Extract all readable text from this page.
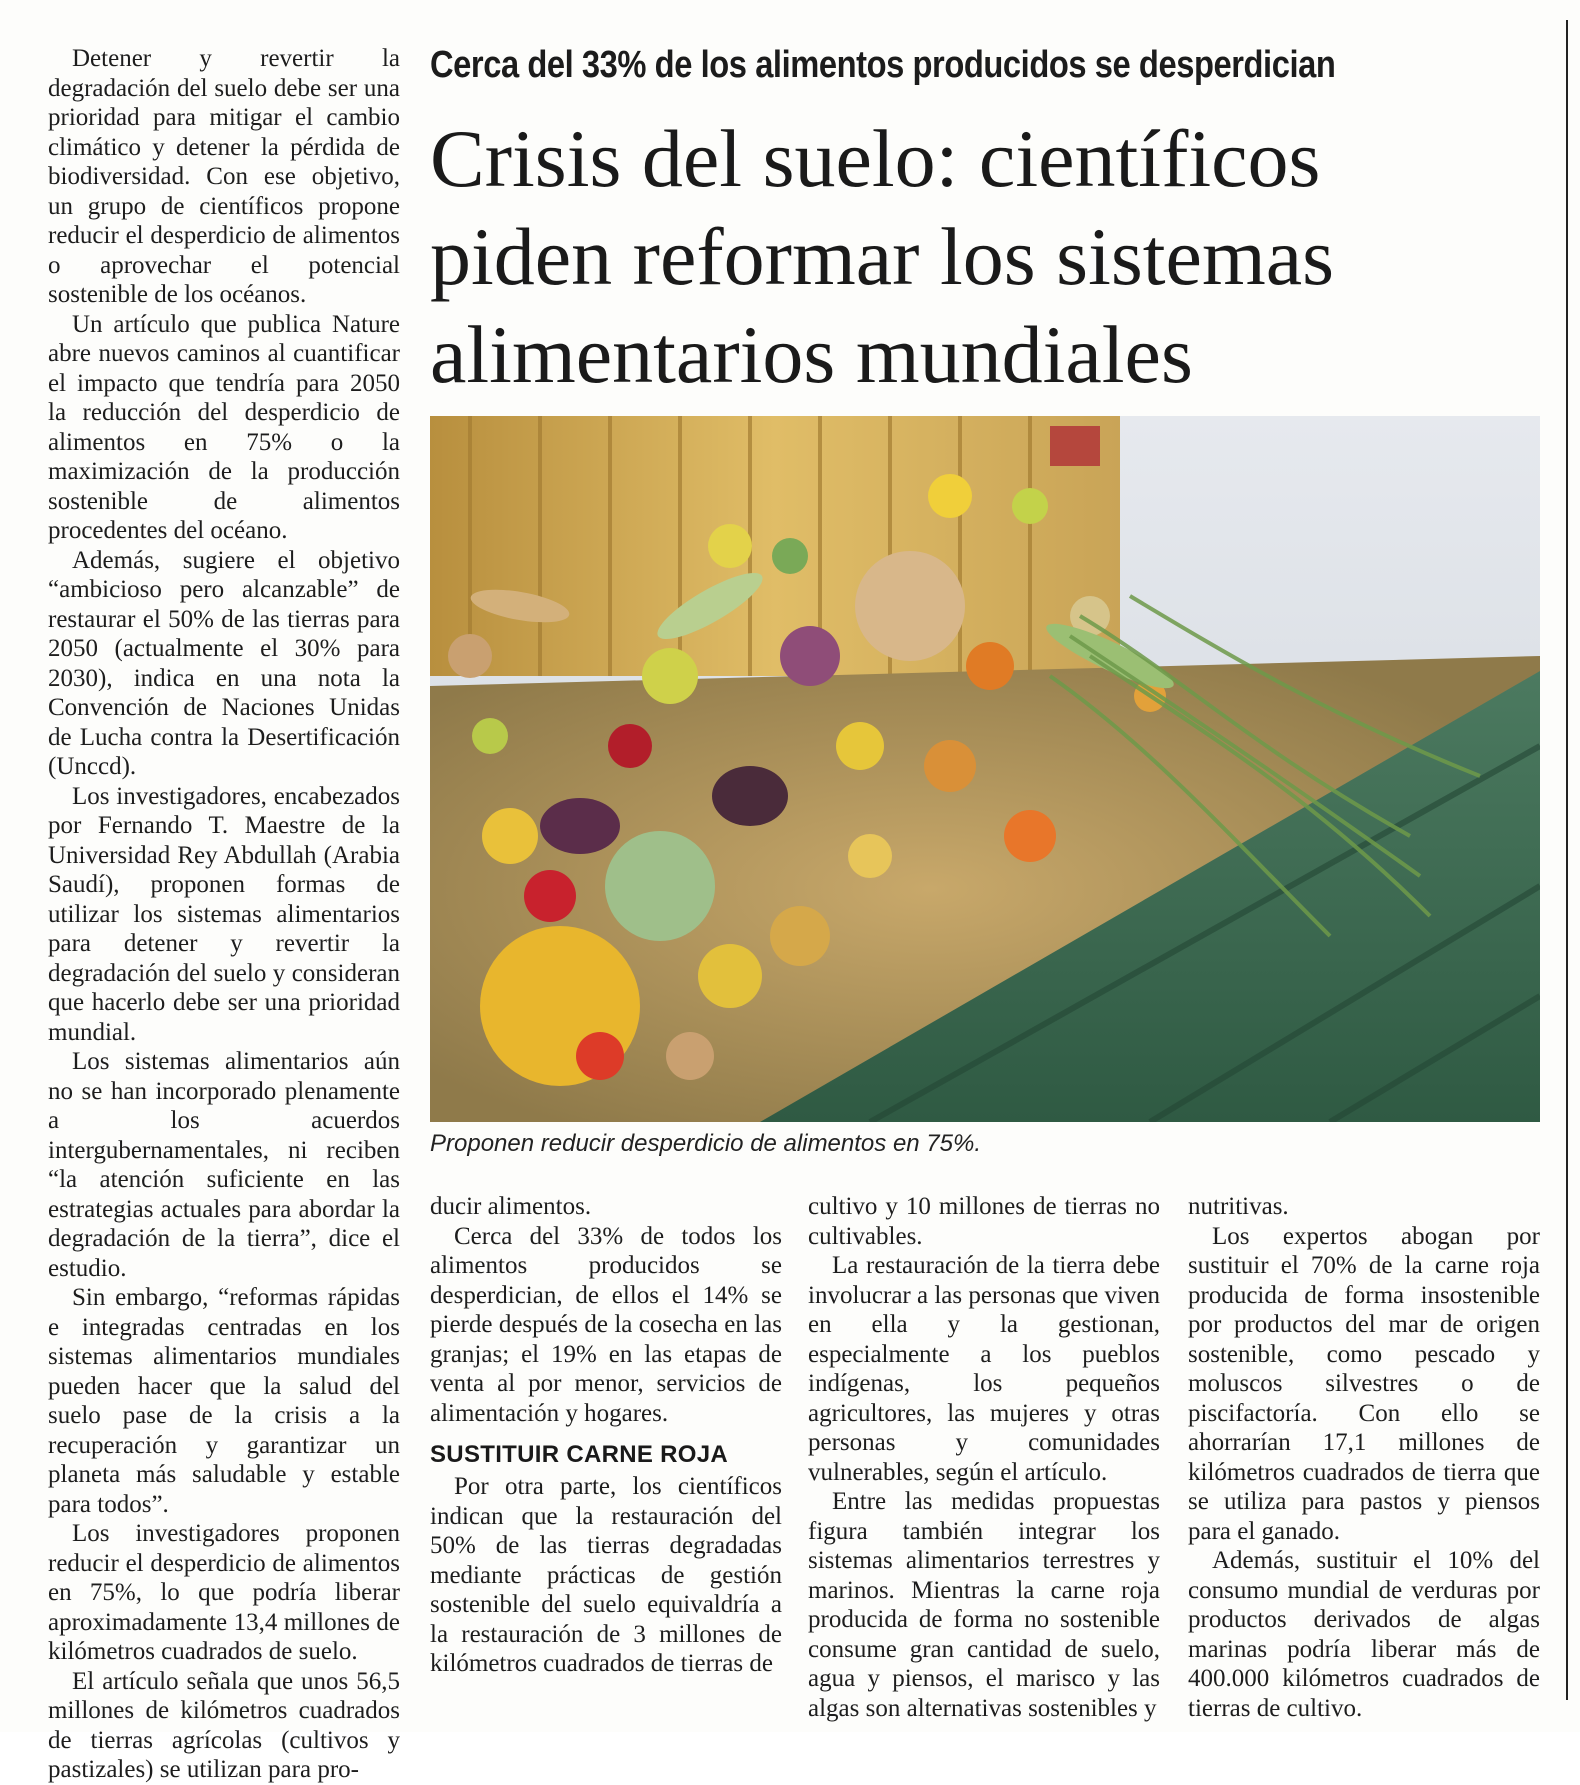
Detener y revertir la degradación del suelo debe ser una prioridad para mitigar el cambio climático y detener la pérdida de biodiversidad. Con ese objetivo, un grupo de científicos propone reducir el desperdicio de alimentos o aprovechar el potencial sostenible de los océanos.

Un artículo que publica Nature abre nuevos caminos al cuantificar el impacto que tendría para 2050 la reducción del desperdicio de alimentos en 75% o la maximización de la producción sostenible de alimentos procedentes del océano.

Además, sugiere el objetivo “ambicioso pero alcanzable” de restaurar el 50% de las tierras para 2050 (actualmente el 30% para 2030), indica en una nota la Convención de Naciones Unidas de Lucha contra la Desertificación (Unccd).

Los investigadores, encabezados por Fernando T. Maestre de la Universidad Rey Abdullah (Arabia Saudí), proponen formas de utilizar los sistemas alimentarios para detener y revertir la degradación del suelo y consideran que hacerlo debe ser una prioridad mundial.

Los sistemas alimentarios aún no se han incorporado plenamente a los acuerdos intergubernamentales, ni reciben “la atención suficiente en las estrategias actuales para abordar la degradación de la tierra”, dice el estudio.

Sin embargo, “reformas rápidas e integradas centradas en los sistemas alimentarios mundiales pueden hacer que la salud del suelo pase de la crisis a la recuperación y garantizar un planeta más saludable y estable para todos”.

Los investigadores proponen reducir el desperdicio de alimentos en 75%, lo que podría liberar aproximadamente 13,4 millones de kilómetros cuadrados de suelo.

El artículo señala que unos 56,5 millones de kilómetros cuadrados de tierras agrícolas (cultivos y pastizales) se utilizan para pro-

Cerca del 33% de los alimentos producidos se desperdician
Crisis del suelo: científicos
piden reformar los sistemas
alimentarios mundiales
Proponen reducir desperdicio de alimentos en 75%.

ducir alimentos.

Cerca del 33% de todos los alimentos producidos se desperdician, de ellos el 14% se pierde después de la cosecha en las granjas; el 19% en las etapas de venta al por menor, servicios de alimentación y hogares.

SUSTITUIR CARNE ROJA

Por otra parte, los científicos indican que la restauración del 50% de las tierras degradadas mediante prácticas de gestión sostenible del suelo equivaldría a la restauración de 3 millones de kilómetros cuadrados de tierras de

cultivo y 10 millones de tierras no cultivables.

La restauración de la tierra debe involucrar a las personas que viven en ella y la gestionan, especialmente a los pueblos indígenas, los pequeños agricultores, las mujeres y otras personas y comunidades vulnerables, según el artículo.

Entre las medidas propuestas figura también integrar los sistemas alimentarios terrestres y marinos. Mientras la carne roja producida de forma no sostenible consume gran cantidad de suelo, agua y piensos, el marisco y las algas son alternativas sostenibles y

nutritivas.

Los expertos abogan por sustituir el 70% de la carne roja producida de forma insostenible por productos del mar de origen sostenible, como pescado y moluscos silvestres o de piscifactoría. Con ello se ahorrarían 17,1 millones de kilómetros cuadrados de tierra que se utiliza para pastos y piensos para el ganado.

Además, sustituir el 10% del consumo mundial de verduras por productos derivados de algas marinas podría liberar más de 400.000 kilómetros cuadrados de tierras de cultivo.
